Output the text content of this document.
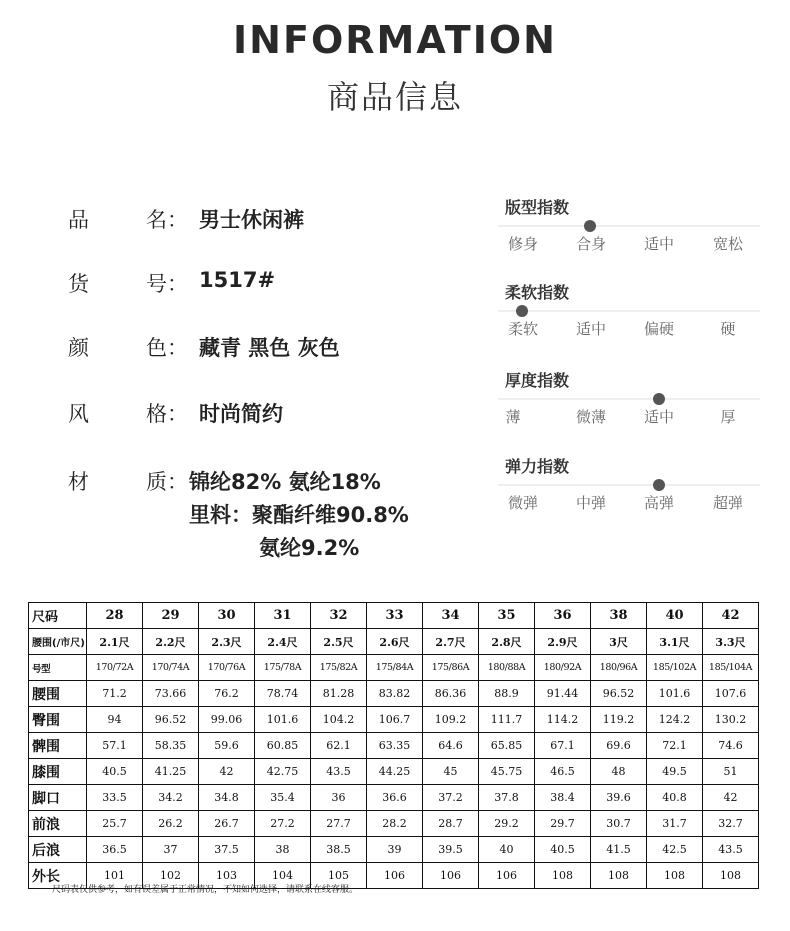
INFORMATION
商品信息
品	名： 男士休闲裤
货	号： 1517#
颜	色： 藏青 黑色 灰色
风	格： 时尚简约
材	质： 锦纶82% 氨纶18%
里料：聚酯纤维90.8%
氨纶9.2%
版型指数
修身	合身	适中	宽松
柔软指数
柔软	适中	偏硬	硬
厚度指数
薄	微薄	适中	厚
弹力指数
微弹	中弹	高弹	超弹
尺码	28	29	30	31	32	33	34	35	36	38	40	42
腰围(/市尺)	2.1尺	2.2尺	2.3尺	2.4尺	2.5尺	2.6尺	2.7尺	2.8尺	2.9尺	3尺	3.1尺	3.3尺
号型	170/72A	170/74A	170/76A	175/78A	175/82A	175/84A	175/86A	180/88A	180/92A	180/96A	185/102A	185/104A
腰围	71.2	73.66	76.2	78.74	81.28	83.82	86.36	88.9	91.44	96.52	101.6	107.6
臀围	94	96.52	99.06	101.6	104.2	106.7	109.2	111.7	114.2	119.2	124.2	130.2
髀围	57.1	58.35	59.6	60.85	62.1	63.35	64.6	65.85	67.1	69.6	72.1	74.6
膝围	40.5	41.25	42	42.75	43.5	44.25	45	45.75	46.5	48	49.5	51
脚口	33.5	34.2	34.8	35.4	36	36.6	37.2	37.8	38.4	39.6	40.8	42
前浪	25.7	26.2	26.7	27.2	27.7	28.2	28.7	29.2	29.7	30.7	31.7	32.7
后浪	36.5	37	37.5	38	38.5	39	39.5	40	40.5	41.5	42.5	43.5
外长	101	102	103	104	105	106	106	106	108	108	108	108
尺码表仅供参考，如有误差属于正常情况，不知如何选择，请联系在线客服。
